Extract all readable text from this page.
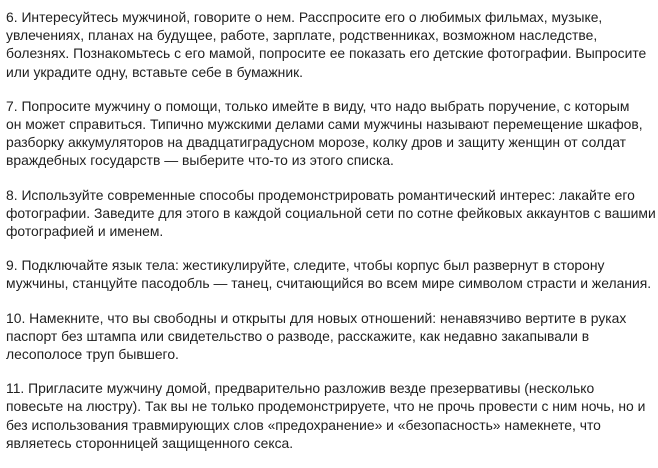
6. Интересуйтесь мужчиной, говорите о нем. Расспросите его о любимых фильмах, музыке,
увлечениях, планах на будущее, работе, зарплате, родственниках, возможном наследстве,
болезнях. Познакомьтесь с его мамой, попросите ее показать его детские фотографии. Выпросите
или украдите одну, вставьте себе в бумажник.

7. Попросите мужчину о помощи, только имейте в виду, что надо выбрать поручение, с которым
он может справиться. Типично мужскими делами сами мужчины называют перемещение шкафов,
разборку аккумуляторов на двадцатиградусном морозе, колку дров и защиту женщин от солдат
враждебных государств — выберите что-то из этого списка.

8. Используйте современные способы продемонстрировать романтический интерес: лакайте его
фотографии. Заведите для этого в каждой социальной сети по сотне фейковых аккаунтов с вашими
фотографией и именем.

9. Подключайте язык тела: жестикулируйте, следите, чтобы корпус был развернут в сторону
мужчины, станцуйте пасодобль — танец, считающийся во всем мире символом страсти и желания.

10. Намекните, что вы свободны и открыты для новых отношений: ненавязчиво вертите в руках
паспорт без штампа или свидетельство о разводе, расскажите, как недавно закапывали в
лесополосе труп бывшего.

11. Пригласите мужчину домой, предварительно разложив везде презервативы (несколько
повесьте на люстру). Так вы не только продемонстрируете, что не прочь провести с ним ночь, но и
без использования травмирующих слов «предохранение» и «безопасность» намекнете, что
являетесь сторонницей защищенного секса.
